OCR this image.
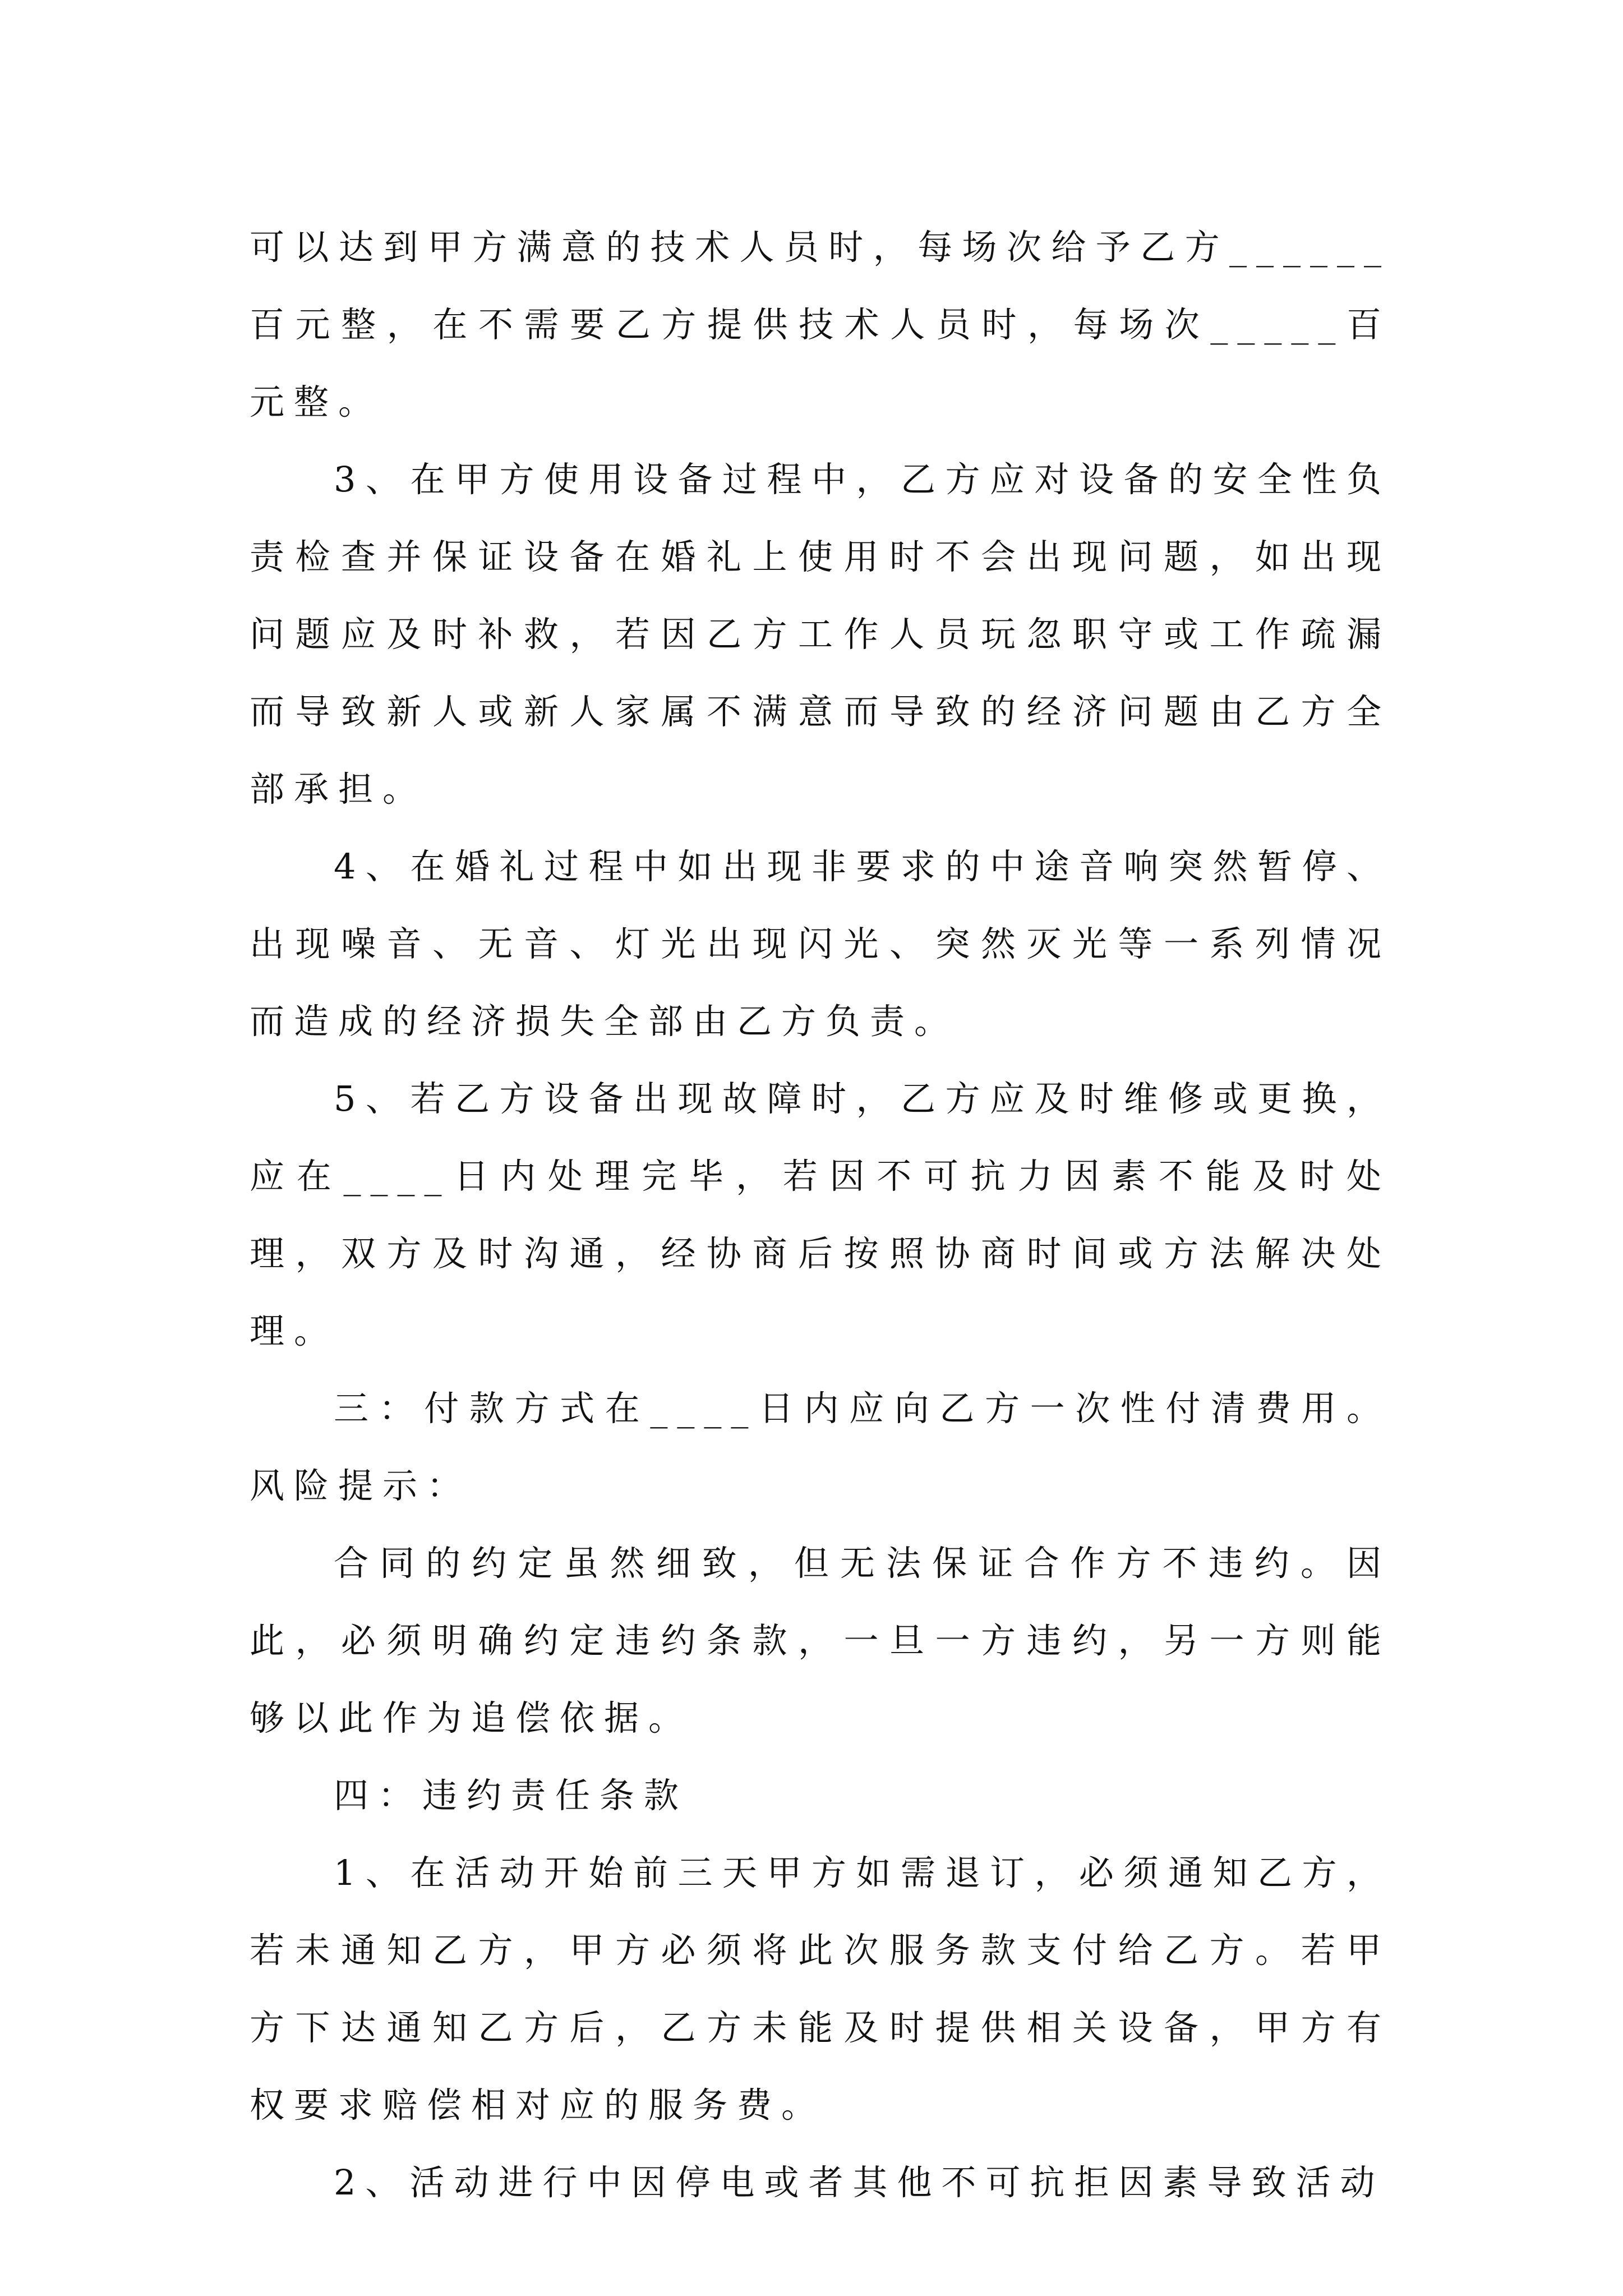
可以达到甲方满意的技术人员时，每场次给予乙方______百元整，在不需要乙方提供技术人员时，每场次_____百元整。

3、在甲方使用设备过程中，乙方应对设备的安全性负责检查并保证设备在婚礼上使用时不会出现问题，如出现问题应及时补救，若因乙方工作人员玩忽职守或工作疏漏而导致新人或新人家属不满意而导致的经济问题由乙方全部承担。

4、在婚礼过程中如出现非要求的中途音响突然暂停、出现噪音、无音、灯光出现闪光、突然灭光等一系列情况而造成的经济损失全部由乙方负责。

5、若乙方设备出现故障时，乙方应及时维修或更换，应在____日内处理完毕，若因不可抗力因素不能及时处理，双方及时沟通，经协商后按照协商时间或方法解决处理。

三：付款方式在____日内应向乙方一次性付清费用。风险提示：

合同的约定虽然细致，但无法保证合作方不违约。因此，必须明确约定违约条款，一旦一方违约，另一方则能够以此作为追偿依据。

四：违约责任条款

1、在活动开始前三天甲方如需退订，必须通知乙方，若未通知乙方，甲方必须将此次服务款支付给乙方。若甲方下达通知乙方后，乙方未能及时提供相关设备，甲方有权要求赔偿相对应的服务费。

2、活动进行中因停电或者其他不可抗拒因素导致活动
